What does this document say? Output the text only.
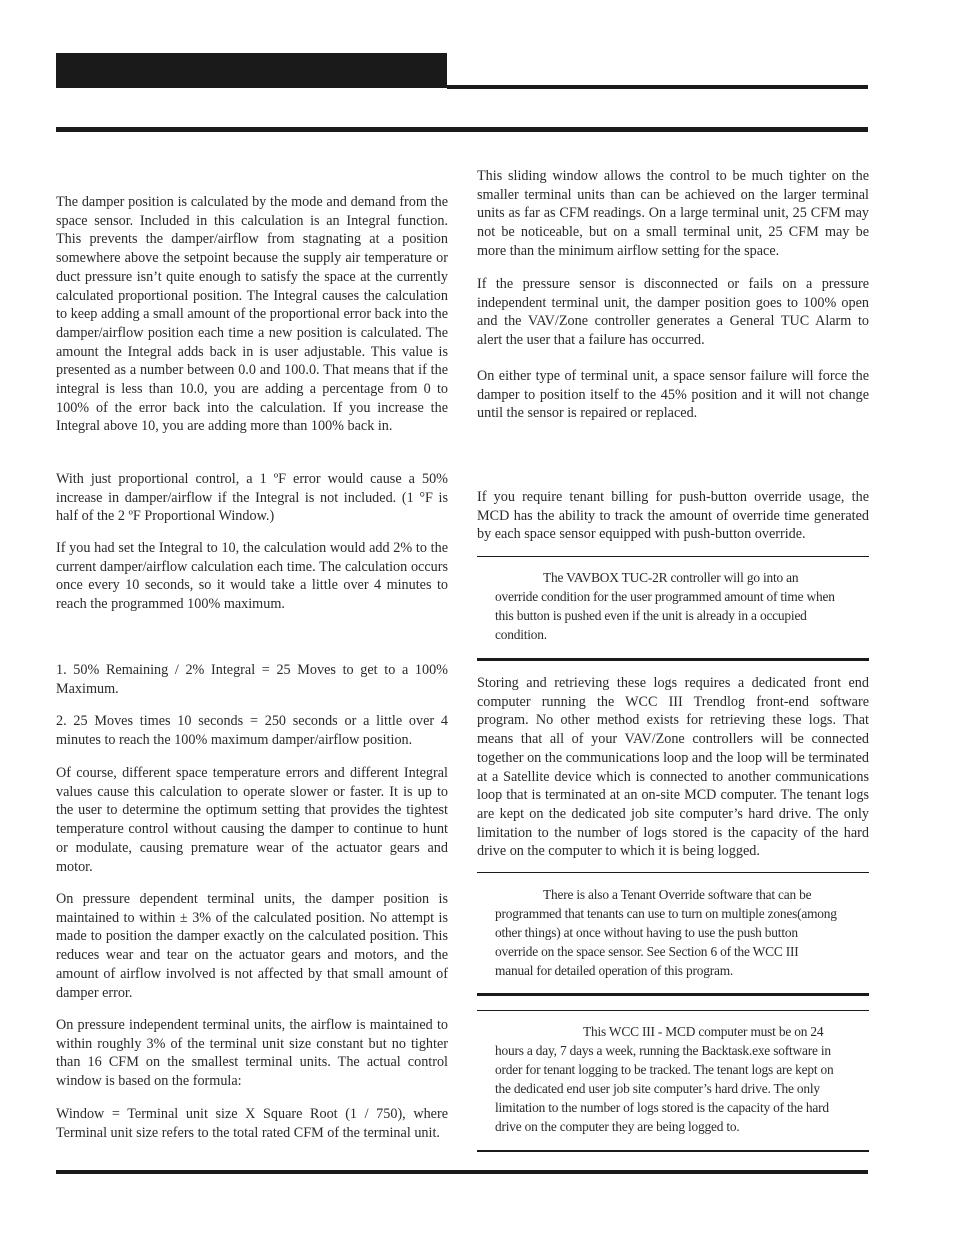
The damper position is calculated by the mode and demand from the space sensor. Included in this calculation is an Integral function. This prevents the damper/airflow from stagnating at a position somewhere above the setpoint because the supply air temperature or duct pressure isn’t quite enough to satisfy the space at the currently calculated proportional position. The Integral causes the calculation to keep adding a small amount of the proportional error back into the damper/airflow position each time a new position is calculated. The amount the Integral adds back in is user adjustable. This value is presented as a number between 0.0 and 100.0. That means that if the integral is less than 10.0, you are adding a percentage from 0 to 100% of the error back into the calculation. If you increase the Integral above 10, you are adding more than 100% back in.

With just proportional control, a 1 ºF error would cause a 50% increase in damper/airflow if the Integral is not included. (1 °F is half of the 2 ºF Proportional Window.)

If you had set the Integral to 10, the calculation would add 2% to the current damper/airflow calculation each time. The calculation occurs once every 10 seconds, so it would take a little over 4 minutes to reach the programmed 100% maximum.

1. 50% Remaining / 2% Integral = 25 Moves to get to a 100% Maximum.

2. 25 Moves times 10 seconds = 250 seconds or a little over 4 minutes to reach the 100% maximum damper/airflow position.

Of course, different space temperature errors and different Integral values cause this calculation to operate slower or faster. It is up to the user to determine the optimum setting that provides the tightest temperature control without causing the damper to continue to hunt or modulate, causing premature wear of the actuator gears and motor.

On pressure dependent terminal units, the damper position is maintained to within ± 3% of the calculated position. No attempt is made to position the damper exactly on the calculated position. This reduces wear and tear on the actuator gears and motors, and the amount of airflow involved is not affected by that small amount of damper error.

On pressure independent terminal units, the airflow is maintained to within roughly 3% of the terminal unit size constant but no tighter than 16 CFM on the smallest terminal units. The actual control window is based on the formula:

Window = Terminal unit size X Square Root (1 / 750), where Terminal unit size refers to the total rated CFM of the terminal unit.

This sliding window allows the control to be much tighter on the smaller terminal units than can be achieved on the larger terminal units as far as CFM readings. On a large terminal unit, 25 CFM may not be noticeable, but on a small terminal unit, 25 CFM may be more than the minimum airflow setting for the space.

If the pressure sensor is disconnected or fails on a pressure independent terminal unit, the damper position goes to 100% open and the VAV/Zone controller generates a General TUC Alarm to alert the user that a failure has occurred.

On either type of terminal unit, a space sensor failure will force the damper to position itself to the 45% position and it will not change until the sensor is repaired or replaced.

If you require tenant billing for push-button override usage, the MCD has the ability to track the amount of override time generated by each space sensor equipped with push-button override.

The VAVBOX TUC-2R controller will go into an override condition for the user programmed amount of time when this button is pushed even if the unit is already in a occupied condition.

Storing and retrieving these logs requires a dedicated front end computer running the WCC III Trendlog front-end software program. No other method exists for retrieving these logs. That means that all of your VAV/Zone controllers will be connected together on the communications loop and the loop will be terminated at a Satellite device which is connected to another communications loop that is terminated at an on-site MCD computer. The tenant logs are kept on the dedicated job site computer’s hard drive. The only limitation to the number of logs stored is the capacity of the hard drive on the computer to which it is being logged.

There is also a Tenant Override software that can be programmed that tenants can use to turn on multiple zones(among other things) at once without having to use the push button override on the space sensor. See Section 6 of the WCC III manual for detailed operation of this program.
This WCC III - MCD computer must be on 24 hours a day, 7 days a week, running the Backtask.exe software in order for tenant logging to be tracked. The tenant logs are kept on the dedicated end user job site computer’s hard drive. The only limitation to the number of logs stored is the capacity of the hard drive on the computer they are being logged to.
